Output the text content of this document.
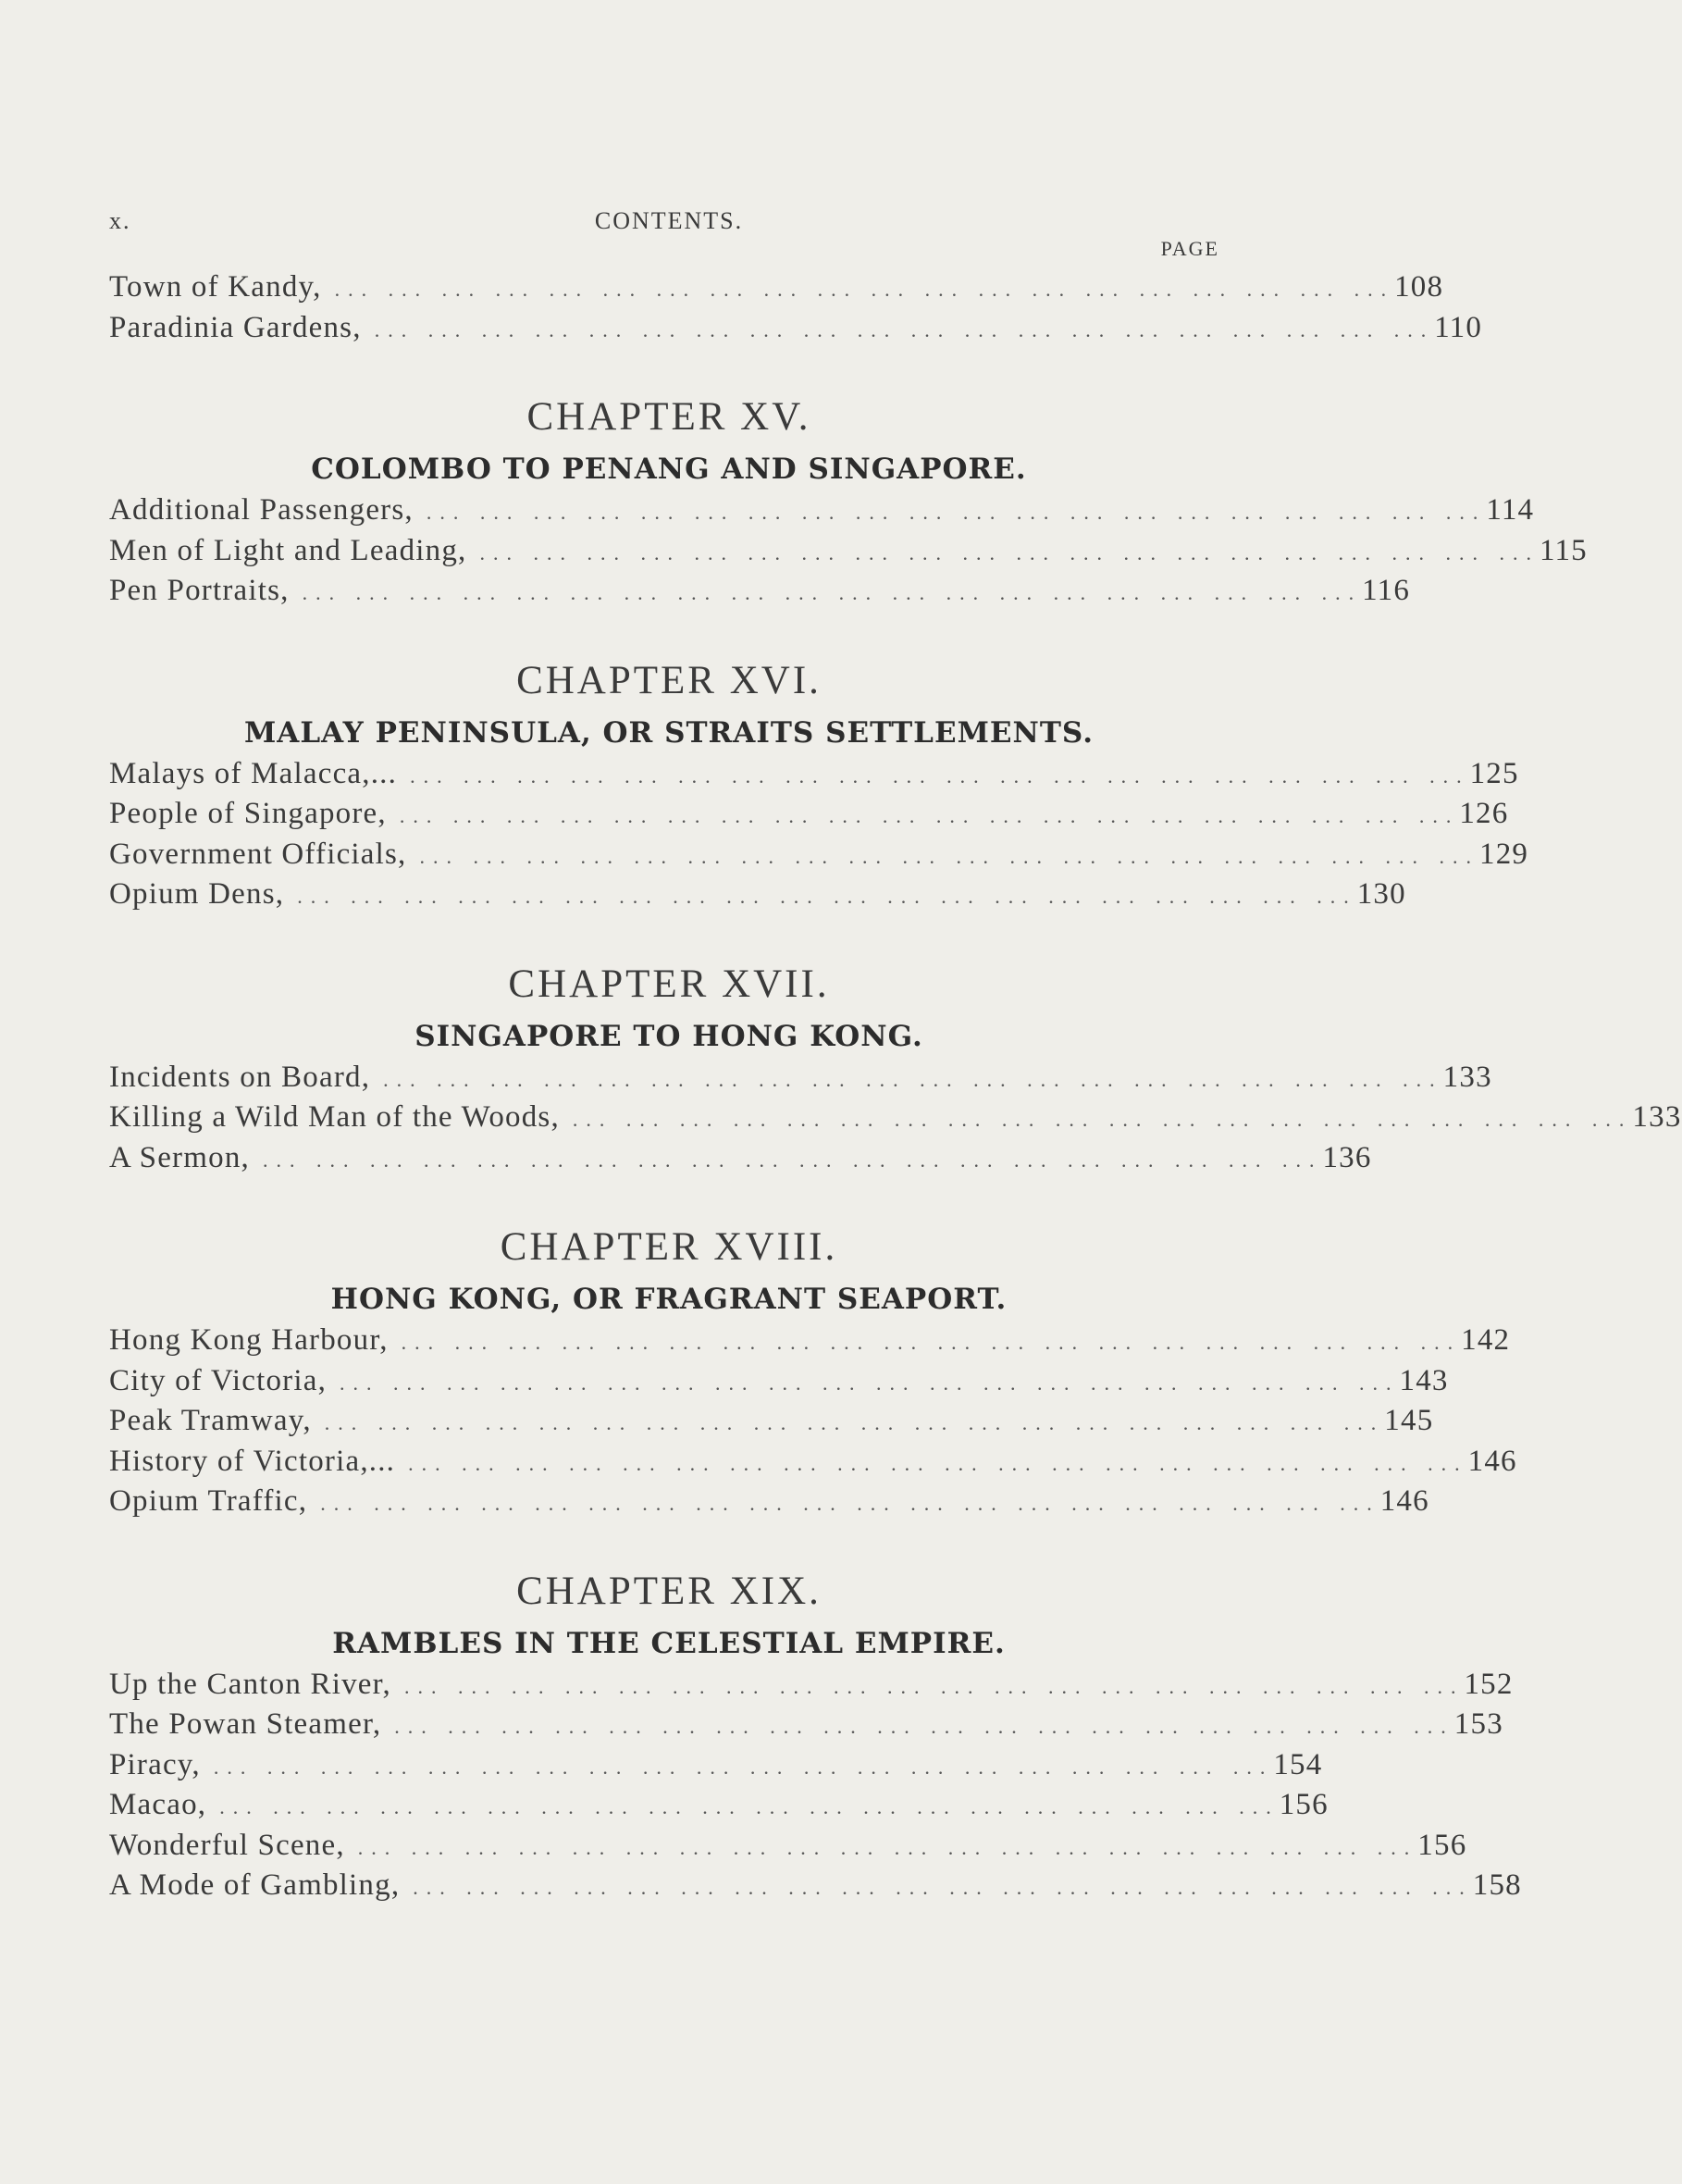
x.	CONTENTS.
PAGE
Town of Kandy, ... ... ... ... ... ... ... ... ... ... ... ... ... ... ... ... ... ... ... ... 108
Paradinia Gardens, ... ... ... ... ... ... ... ... ... ... ... ... ... ... ... ... ... ... ... ... 110
CHAPTER XV.
COLOMBO TO PENANG AND SINGAPORE.
Additional Passengers, ... ... ... ... ... ... ... ... ... ... ... ... ... ... ... ... ... ... ... ... 114
Men of Light and Leading, ... ... ... ... ... ... ... ... ... ... ... ... ... ... ... ... ... ... ... ... 115
Pen Portraits, ... ... ... ... ... ... ... ... ... ... ... ... ... ... ... ... ... ... ... ... 116
CHAPTER XVI.
MALAY PENINSULA, OR STRAITS SETTLEMENTS.
Malays of Malacca,... ... ... ... ... ... ... ... ... ... ... ... ... ... ... ... ... ... ... ... ... 125
People of Singapore, ... ... ... ... ... ... ... ... ... ... ... ... ... ... ... ... ... ... ... ... 126
Government Officials, ... ... ... ... ... ... ... ... ... ... ... ... ... ... ... ... ... ... ... ... 129
Opium Dens, ... ... ... ... ... ... ... ... ... ... ... ... ... ... ... ... ... ... ... ... 130
CHAPTER XVII.
SINGAPORE TO HONG KONG.
Incidents on Board, ... ... ... ... ... ... ... ... ... ... ... ... ... ... ... ... ... ... ... ... 133
Killing a Wild Man of the Woods, ... ... ... ... ... ... ... ... ... ... ... ... ... ... ... ... ... ... ... ... 133
A Sermon, ... ... ... ... ... ... ... ... ... ... ... ... ... ... ... ... ... ... ... ... 136
CHAPTER XVIII.
HONG KONG, OR FRAGRANT SEAPORT.
Hong Kong Harbour, ... ... ... ... ... ... ... ... ... ... ... ... ... ... ... ... ... ... ... ... 142
City of Victoria, ... ... ... ... ... ... ... ... ... ... ... ... ... ... ... ... ... ... ... ... 143
Peak Tramway, ... ... ... ... ... ... ... ... ... ... ... ... ... ... ... ... ... ... ... ... 145
History of Victoria,... ... ... ... ... ... ... ... ... ... ... ... ... ... ... ... ... ... ... ... ... 146
Opium Traffic, ... ... ... ... ... ... ... ... ... ... ... ... ... ... ... ... ... ... ... ... 146
CHAPTER XIX.
RAMBLES IN THE CELESTIAL EMPIRE.
Up the Canton River, ... ... ... ... ... ... ... ... ... ... ... ... ... ... ... ... ... ... ... ... 152
The Powan Steamer, ... ... ... ... ... ... ... ... ... ... ... ... ... ... ... ... ... ... ... ... 153
Piracy, ... ... ... ... ... ... ... ... ... ... ... ... ... ... ... ... ... ... ... ... 154
Macao, ... ... ... ... ... ... ... ... ... ... ... ... ... ... ... ... ... ... ... ... 156
Wonderful Scene, ... ... ... ... ... ... ... ... ... ... ... ... ... ... ... ... ... ... ... ... 156
A Mode of Gambling, ... ... ... ... ... ... ... ... ... ... ... ... ... ... ... ... ... ... ... ... 158
